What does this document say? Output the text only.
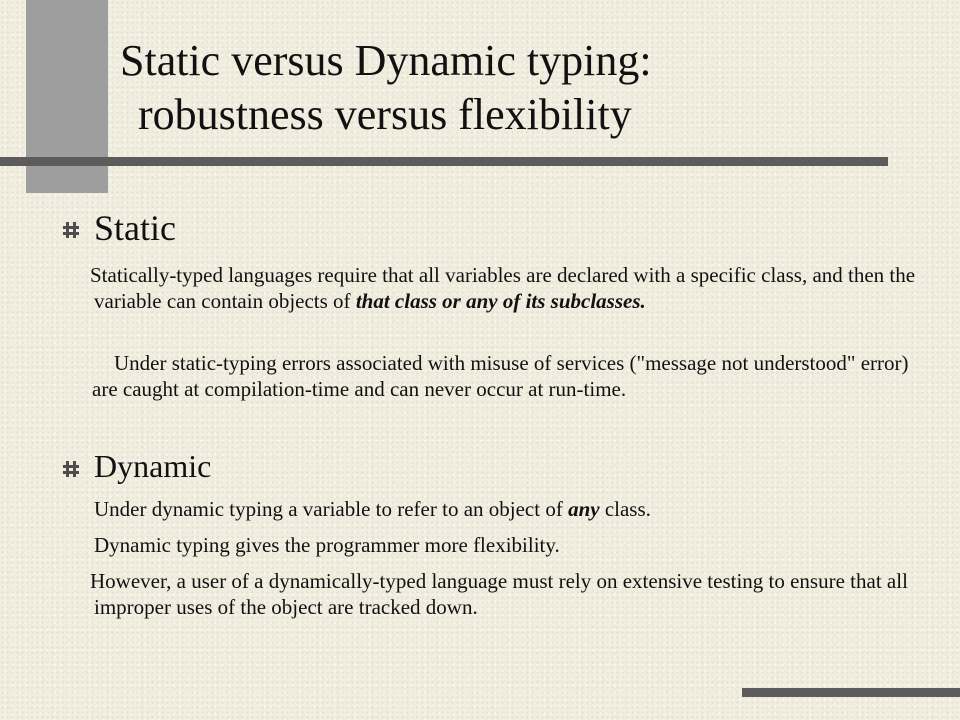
Static versus Dynamic typing:
robustness versus flexibility
Static

Statically-typed languages require that all variables are declared with a specific class, and then the variable can contain objects of that class or any of its subclasses.
Under static-typing errors associated with misuse of services ("message not understood" error) are caught at compilation-time and can never occur at run-time.
Dynamic
Under dynamic typing a variable to refer to an object of any class.
Dynamic typing gives the programmer more flexibility.
However, a user of a dynamically-typed language must rely on extensive testing to ensure that all improper uses of the object are tracked down.
